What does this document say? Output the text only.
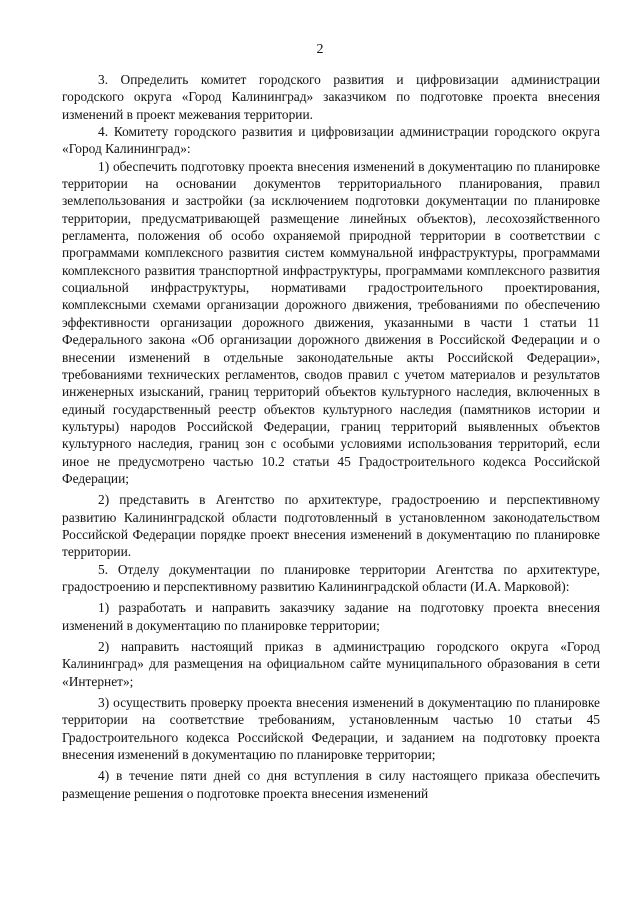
2

3. Определить комитет городского развития и цифровизации администрации городского округа «Город Калининград» заказчиком по подготовке проекта внесения изменений в проект межевания территории.

4. Комитету городского развития и цифровизации администрации городского округа «Город Калининград»:

1) обеспечить подготовку проекта внесения изменений в документацию по планировке территории на основании документов территориального планирования, правил землепользования и застройки (за исключением подготовки документации по планировке территории, предусматривающей размещение линейных объектов), лесохозяйственного регламента, положения об особо охраняемой природной территории в соответствии с программами комплексного развития систем коммунальной инфраструктуры, программами комплексного развития транспортной инфраструктуры, программами комплексного развития социальной инфраструктуры, нормативами градостроительного проектирования, комплексными схемами организации дорожного движения, требованиями по обеспечению эффективности организации дорожного движения, указанными в части 1 статьи 11 Федерального закона «Об организации дорожного движения в Российской Федерации и о внесении изменений в отдельные законодательные акты Российской Федерации», требованиями технических регламентов, сводов правил с учетом материалов и результатов инженерных изысканий, границ территорий объектов культурного наследия, включенных в единый государственный реестр объектов культурного наследия (памятников истории и культуры) народов Российской Федерации, границ территорий выявленных объектов культурного наследия, границ зон с особыми условиями использования территорий, если иное не предусмотрено частью 10.2 статьи 45 Градостроительного кодекса Российской Федерации;

2) представить в Агентство по архитектуре, градостроению и перспективному развитию Калининградской области подготовленный в установленном законодательством Российской Федерации порядке проект внесения изменений в документацию по планировке территории.

5. Отделу документации по планировке территории Агентства по архитектуре, градостроению и перспективному развитию Калининградской области (И.А. Марковой):

1) разработать и направить заказчику задание на подготовку проекта внесения изменений в документацию по планировке территории;

2) направить настоящий приказ в администрацию городского округа «Город Калининград» для размещения на официальном сайте муниципального образования в сети «Интернет»;

3) осуществить проверку проекта внесения изменений в документацию по планировке территории на соответствие требованиям, установленным частью 10 статьи 45 Градостроительного кодекса Российской Федерации, и заданием на подготовку проекта внесения изменений в документацию по планировке территории;

4) в течение пяти дней со дня вступления в силу настоящего приказа обеспечить размещение решения о подготовке проекта внесения изменений
